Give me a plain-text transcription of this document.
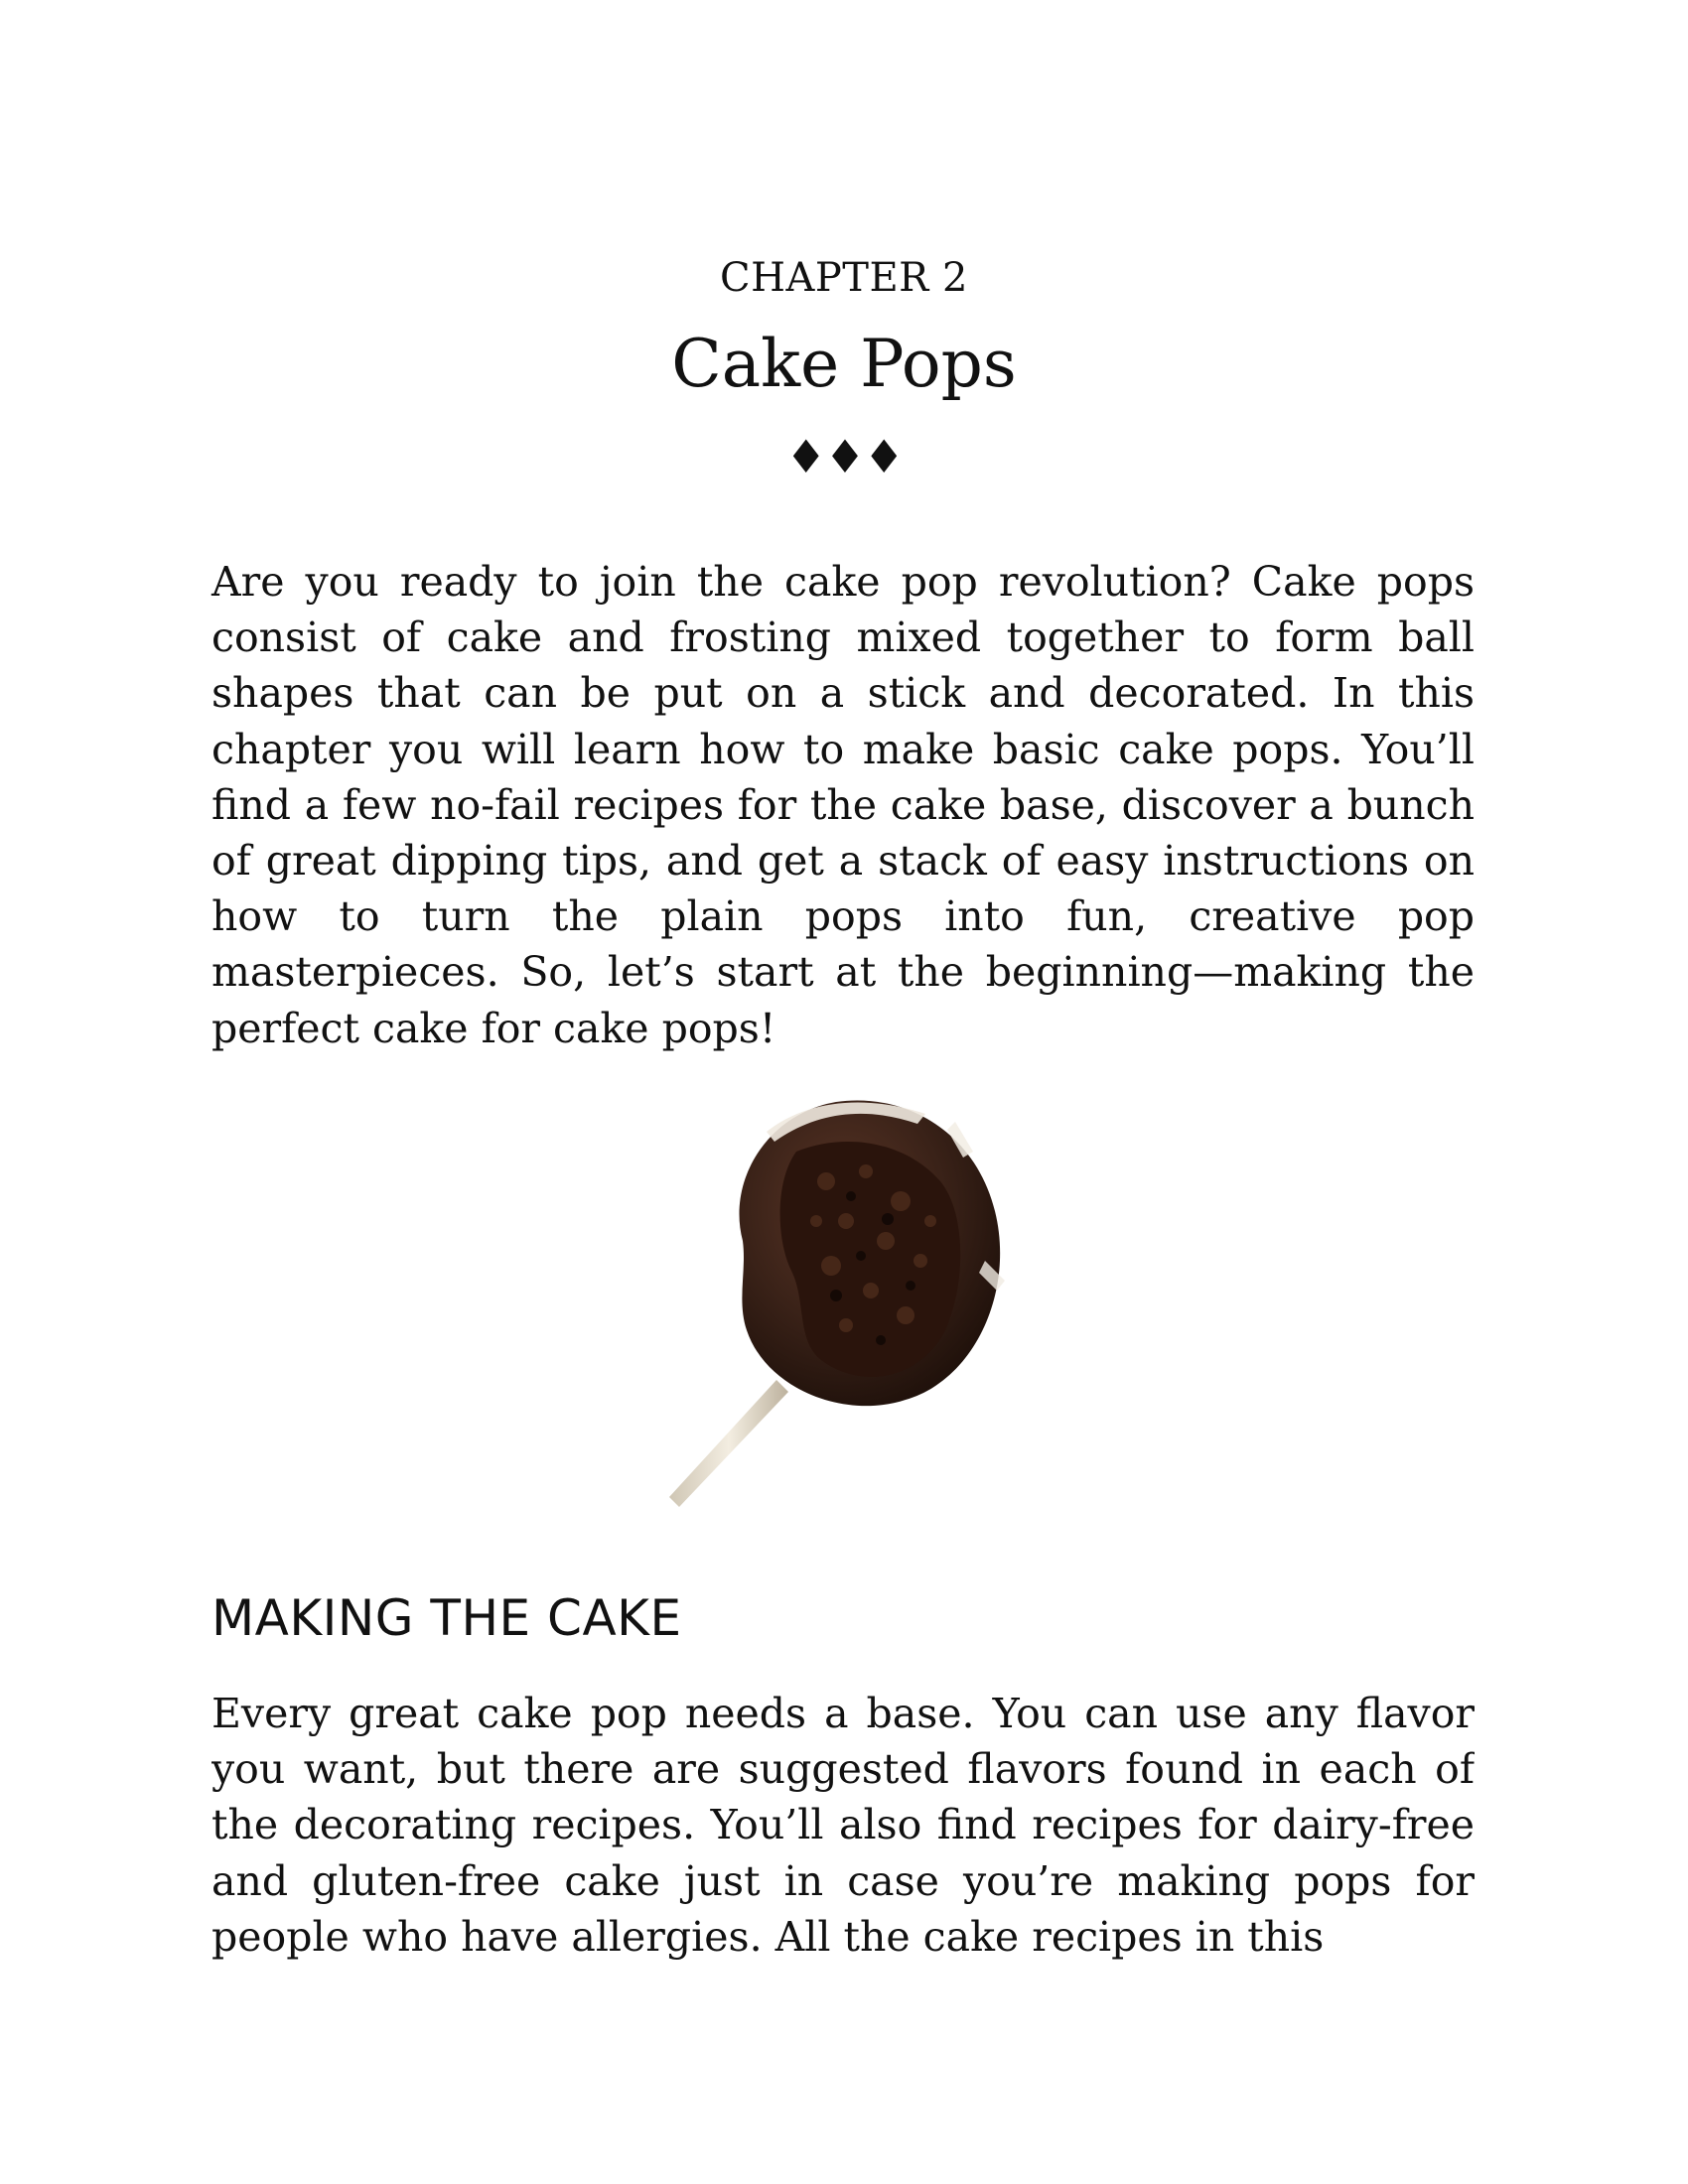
CHAPTER 2
Cake Pops
♦♦♦

Are you ready to join the cake pop revolution? Cake pops consist of cake and frosting mixed together to form ball shapes that can be put on a stick and decorated. In this chapter you will learn how to make basic cake pops. You’ll find a few no-fail recipes for the cake base, discover a bunch of great dipping tips, and get a stack of easy instructions on how to turn the plain pops into fun, creative pop masterpieces. So, let’s start at the beginning—making the perfect cake for cake pops!

MAKING THE CAKE

Every great cake pop needs a base. You can use any flavor you want, but there are suggested flavors found in each of the decorating recipes. You’ll also find recipes for dairy-free and gluten-free cake just in case you’re making pops for people who have allergies. All the cake recipes in this
